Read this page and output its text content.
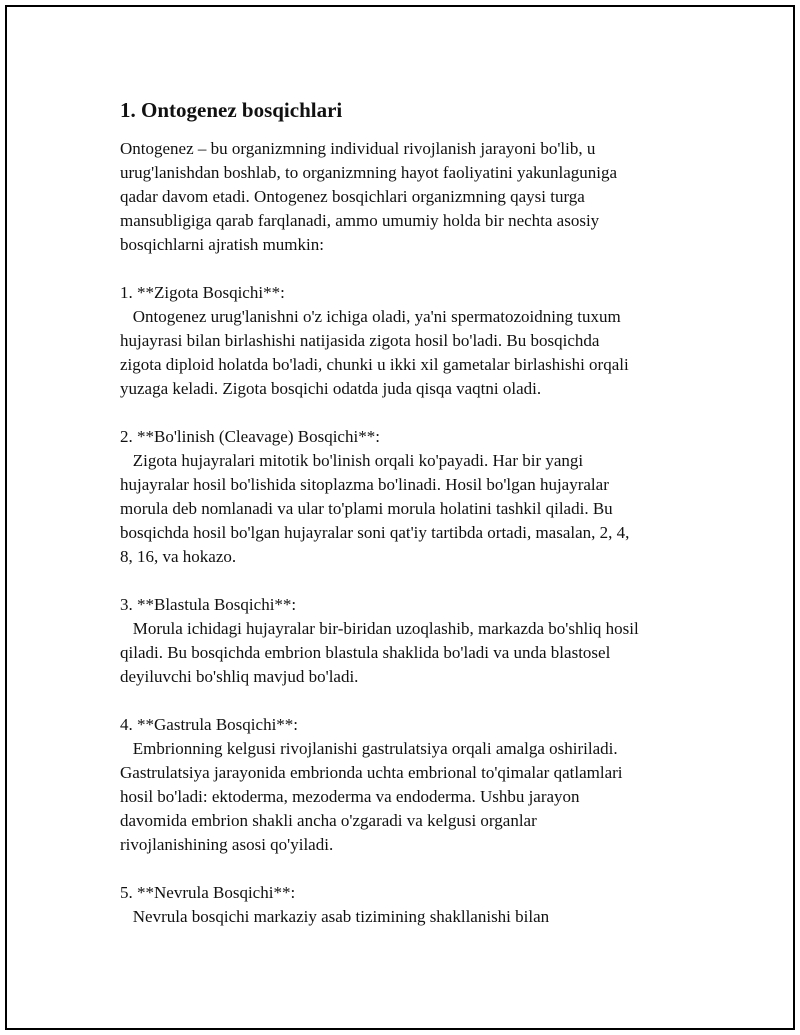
1. Ontogenez bosqichlari

Ontogenez – bu organizmning individual rivojlanish jarayoni bo'lib, u
urug'lanishdan boshlab, to organizmning hayot faoliyatini yakunlaguniga
qadar davom etadi. Ontogenez bosqichlari organizmning qaysi turga
mansubligiga qarab farqlanadi, ammo umumiy holda bir nechta asosiy
bosqichlarni ajratish mumkin:

1. **Zigota Bosqichi**:
Ontogenez urug'lanishni o'z ichiga oladi, ya'ni spermatozoidning tuxum
hujayrasi bilan birlashishi natijasida zigota hosil bo'ladi. Bu bosqichda
zigota diploid holatda bo'ladi, chunki u ikki xil gametalar birlashishi orqali
yuzaga keladi. Zigota bosqichi odatda juda qisqa vaqtni oladi.

2. **Bo'linish (Cleavage) Bosqichi**:
Zigota hujayralari mitotik bo'linish orqali ko'payadi. Har bir yangi
hujayralar hosil bo'lishida sitoplazma bo'linadi. Hosil bo'lgan hujayralar
morula deb nomlanadi va ular to'plami morula holatini tashkil qiladi. Bu
bosqichda hosil bo'lgan hujayralar soni qat'iy tartibda ortadi, masalan, 2, 4,
8, 16, va hokazo.

3. **Blastula Bosqichi**:
Morula ichidagi hujayralar bir-biridan uzoqlashib, markazda bo'shliq hosil
qiladi. Bu bosqichda embrion blastula shaklida bo'ladi va unda blastosel
deyiluvchi bo'shliq mavjud bo'ladi.

4. **Gastrula Bosqichi**:
Embrionning kelgusi rivojlanishi gastrulatsiya orqali amalga oshiriladi.
Gastrulatsiya jarayonida embrionda uchta embrional to'qimalar qatlamlari
hosil bo'ladi: ektoderma, mezoderma va endoderma. Ushbu jarayon
davomida embrion shakli ancha o'zgaradi va kelgusi organlar
rivojlanishining asosi qo'yiladi.

5. **Nevrula Bosqichi**:
Nevrula bosqichi markaziy asab tizimining shakllanishi bilan
